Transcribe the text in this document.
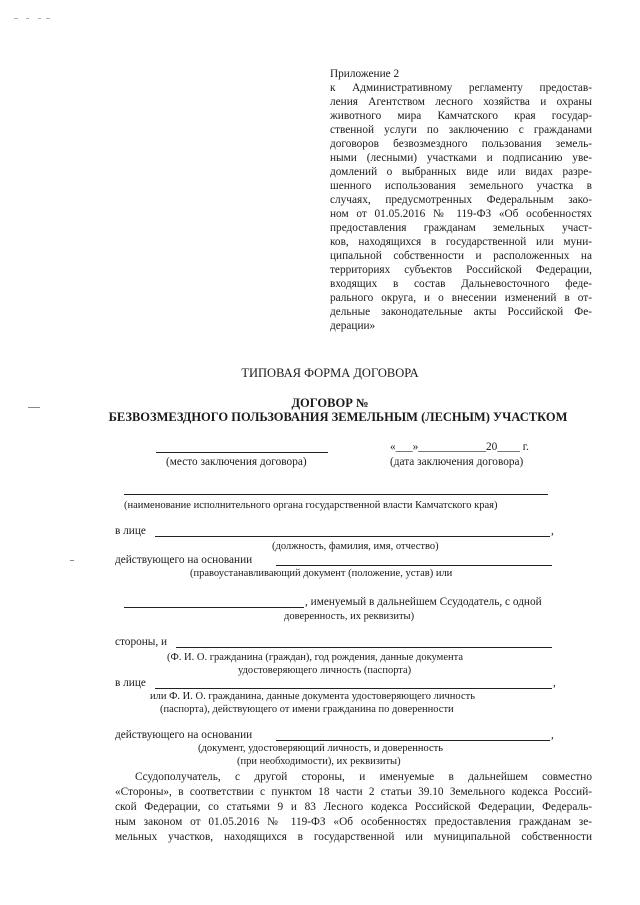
Приложение 2
к Административному регламенту предостав-
ления Агентством лесного хозяйства и охраны
животного мира Камчатского края государ-
ственной услуги по заключению с гражданами
договоров безвозмездного пользования земель-
ными (лесными) участками и подписанию уве-
домлений о выбранных виде или видах разре-
шенного использования земельного участка в
случаях, предусмотренных Федеральным зако-
ном от 01.05.2016 № 119-ФЗ «Об особенностях
предоставления гражданам земельных участ-
ков, находящихся в государственной или муни-
ципальной собственности и расположенных на
территориях субъектов Российской Федерации,
входящих в состав Дальневосточного феде-
рального округа, и о внесении изменений в от-
дельные законодательные акты Российской Фе-
дерации»
ТИПОВАЯ ФОРМА ДОГОВОРА
ДОГОВОР №
БЕЗВОЗМЕЗДНОГО ПОЛЬЗОВАНИЯ ЗЕМЕЛЬНЫМ (ЛЕСНЫМ) УЧАСТКОМ
«___»____________20____ г.
(место заключения договора)	(дата заключения договора)
(наименование исполнительного органа государственной власти Камчатского края)
в лице	,
(должность, фамилия, имя, отчество)
действующего на основании
(правоустанавливающий документ (положение, устав) или
, именуемый в дальнейшем Ссудодатель, с одной
доверенность, их реквизиты)
стороны, и
(Ф. И. О. гражданина (граждан), год рождения, данные документа
удостоверяющего личность (паспорта)
в лице	,
или Ф. И. О. гражданина, данные документа удостоверяющего личность
(паспорта), действующего от имени гражданина по доверенности
действующего на основании	,
(документ, удостоверяющий личность, и доверенность
(при необходимости), их реквизиты)
Ссудополучатель, с другой стороны, и именуемые в дальнейшем совместно
«Стороны», в соответствии с пунктом 18 части 2 статьи 39.10 Земельного кодекса Россий-
ской Федерации, со статьями 9 и 83 Лесного кодекса Российской Федерации, Федераль-
ным законом от 01.05.2016 № 119-ФЗ «Об особенностях предоставления гражданам зе-
мельных участков, находящихся в государственной или муниципальной собственности
